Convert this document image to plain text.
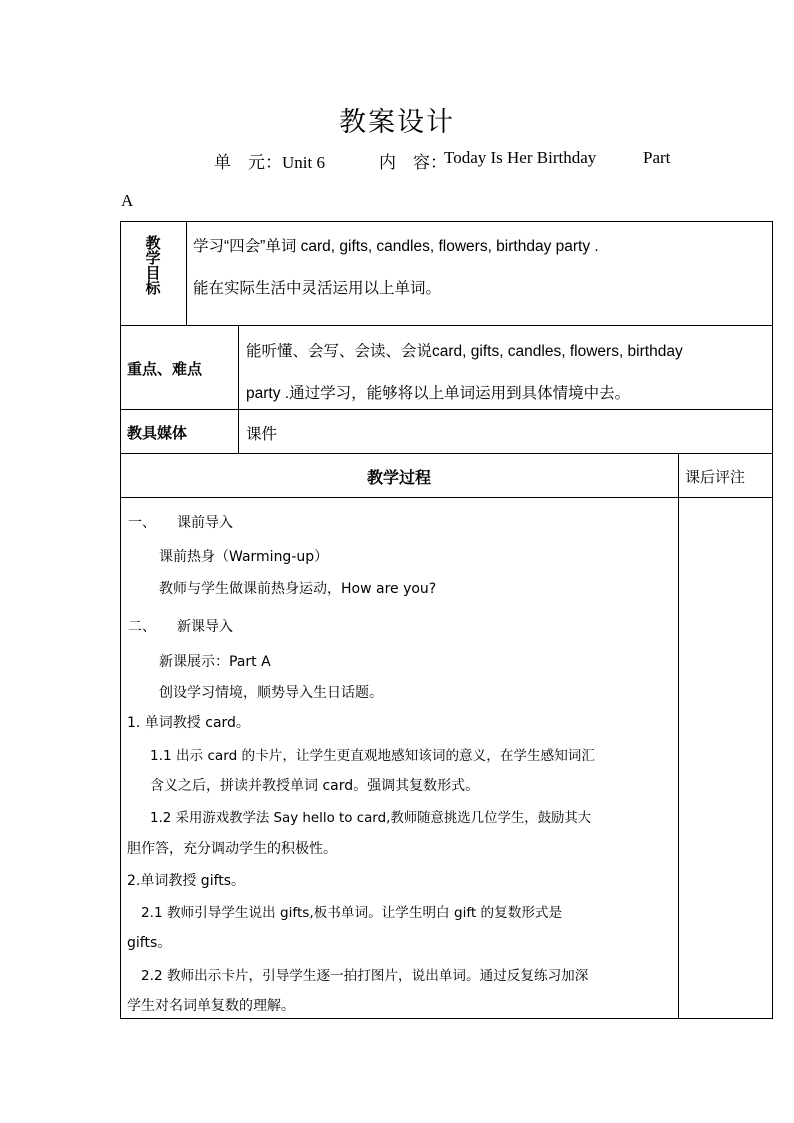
教案设计
单　元：Unit 6	内　容：
Today Is Her Birthday	Part
A
教
学
目
标
学习“四会”单词 card, gifts, candles, flowers, birthday party .
能在实际生活中灵活运用以上单词。
重点、难点
能听懂、会写、会读、会说card, gifts, candles, flowers, birthday
party .通过学习，能够将以上单词运用到具体情境中去。
教具媒体	课件
教学过程	课后评注
一、　　课前导入
课前热身（Warming-up）
教师与学生做课前热身运动，How are you?
二、　　新课导入
新课展示：Part A
创设学习情境，顺势导入生日话题。
1. 单词教授 card。
1.1 出示 card 的卡片，让学生更直观地感知该词的意义，在学生感知词汇
含义之后，拼读并教授单词 card。强调其复数形式。
1.2 采用游戏教学法 Say hello to card,教师随意挑选几位学生，鼓励其大
胆作答，充分调动学生的积极性。
2.单词教授 gifts。
2.1 教师引导学生说出 gifts,板书单词。让学生明白 gift 的复数形式是
gifts。
2.2 教师出示卡片，引导学生逐一拍打图片，说出单词。通过反复练习加深
学生对名词单复数的理解。
